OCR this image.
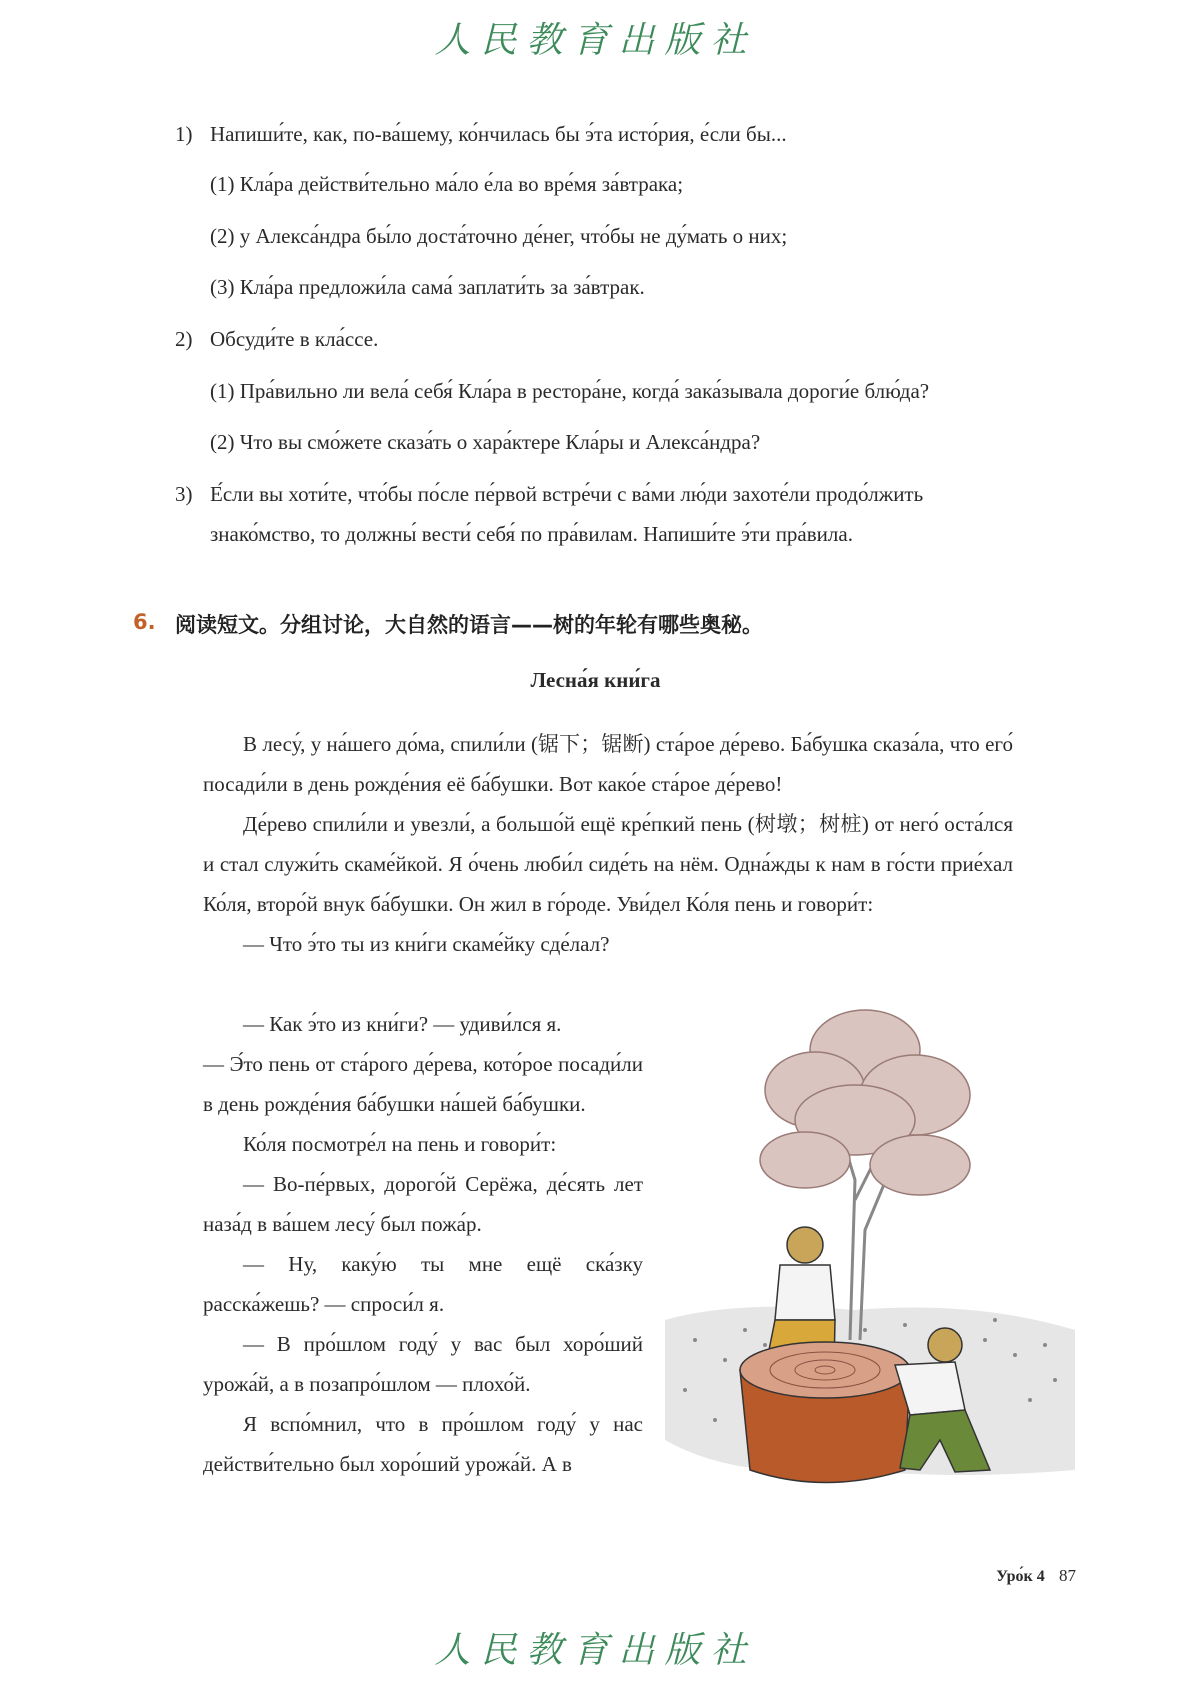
人民教育出版社
1) Напиши́те, как, по-ва́шему, ко́нчилась бы э́та исто́рия, е́сли бы...
(1) Кла́ра действи́тельно ма́ло е́ла во вре́мя за́втрака;
(2) у Алекса́ндра бы́ло доста́точно де́нег, что́бы не ду́мать о них;
(3) Кла́ра предложи́ла сама́ заплати́ть за за́втрак.
2) Обсуди́те в кла́ссе.
(1) Пра́вильно ли вела́ себя́ Кла́ра в рестора́не, когда́ зака́зывала дороги́е блю́да?
(2) Что вы смо́жете сказа́ть о хара́ктере Кла́ры и Алекса́ндра?
3) Е́сли вы хоти́те, что́бы по́сле пе́рвой встре́чи с ва́ми лю́ди захоте́ли продо́лжить
знако́мство, то должны́ вести́ себя́ по пра́вилам. Напиши́те э́ти пра́вила.
6. 阅读短文。分组讨论，大自然的语言——树的年轮有哪些奥秘。
Лесна́я кни́га

В лесу́, у на́шего до́ма, спили́ли (锯下；锯断) ста́рое де́рево. Ба́бушка сказа́ла, что его́ посади́ли в день рожде́ния её ба́бушки. Вот како́е ста́рое де́рево!

Де́рево спили́ли и увезли́, а большо́й ещё кре́пкий пень (树墩；树桩) от него́ оста́лся и стал служи́ть скаме́йкой. Я о́чень люби́л сиде́ть на нём. Одна́жды к нам в го́сти прие́хал Ко́ля, второ́й внук ба́бушки. Он жил в го́роде. Уви́дел Ко́ля пень и говори́т:

— Что э́то ты из кни́ги скаме́йку сде́лал?

— Как э́то из кни́ги? — удиви́лся я.

— Э́то пень от ста́рого де́рева, кото́рое посади́ли в день рожде́ния ба́бушки на́шей ба́бушки.

Ко́ля посмотре́л на пень и говори́т:

— Во-пе́рвых, дорого́й Серёжа, де́сять лет наза́д в ва́шем лесу́ был пожа́р.

— Ну, каку́ю ты мне ещё ска́зку расска́жешь? — спроси́л я.

— В про́шлом году́ у вас был хоро́ший урожа́й, а в позапро́шлом — плохо́й.

Я вспо́мнил, что в про́шлом году́ у нас действи́тельно был хоро́ший урожа́й. А в

Уро́к 4 87
人民教育出版社
